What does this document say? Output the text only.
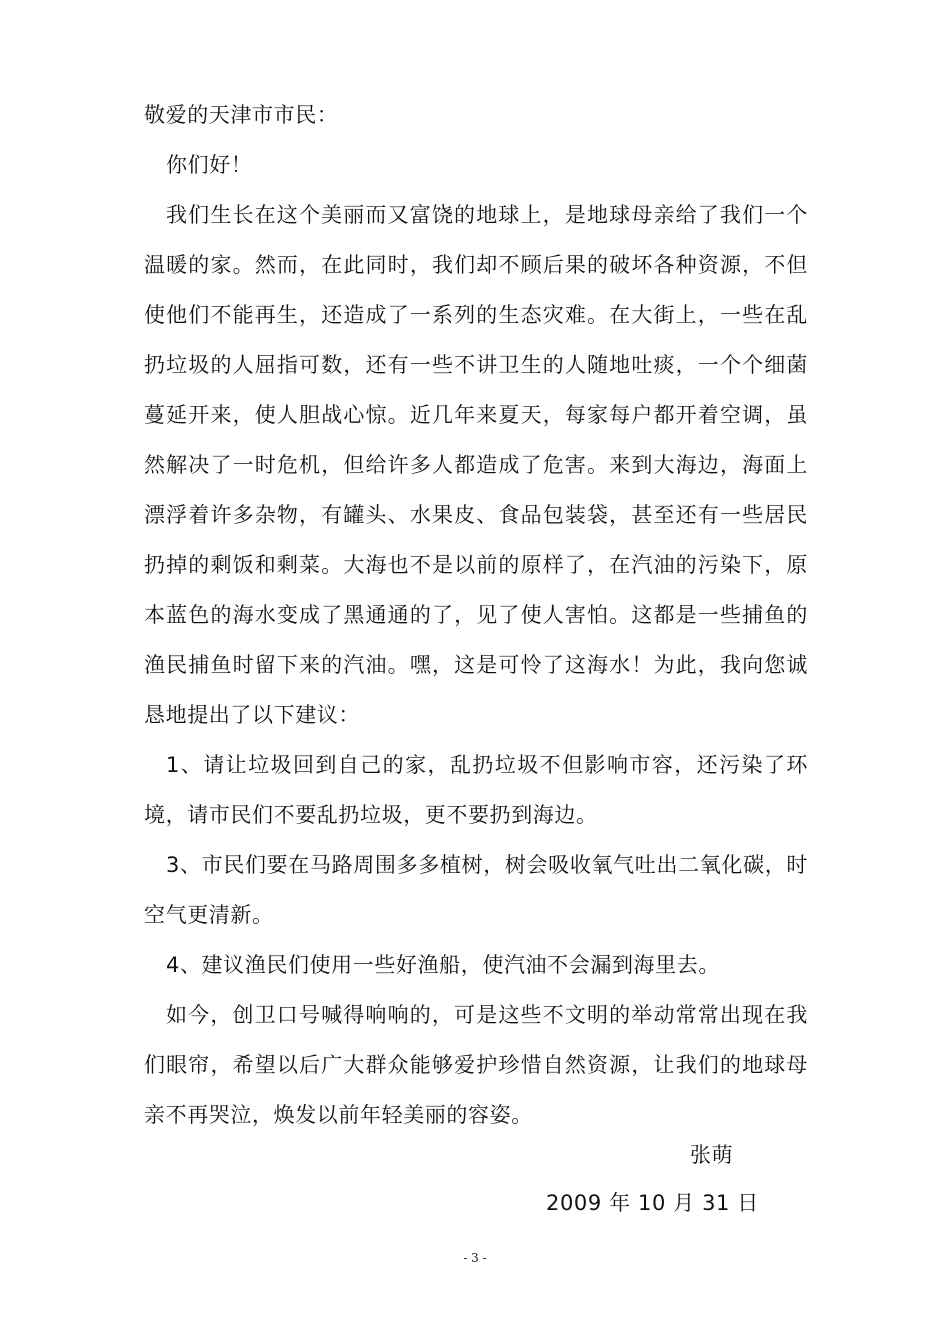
敬爱的天津市市民：

你们好！

我们生长在这个美丽而又富饶的地球上，是地球母亲给了我们一个温暖的家。然而，在此同时，我们却不顾后果的破坏各种资源，不但使他们不能再生，还造成了一系列的生态灾难。在大街上，一些在乱扔垃圾的人屈指可数，还有一些不讲卫生的人随地吐痰，一个个细菌蔓延开来，使人胆战心惊。近几年来夏天，每家每户都开着空调，虽然解决了一时危机，但给许多人都造成了危害。来到大海边，海面上漂浮着许多杂物，有罐头、水果皮、食品包装袋，甚至还有一些居民扔掉的剩饭和剩菜。大海也不是以前的原样了，在汽油的污染下，原本蓝色的海水变成了黑通通的了，见了使人害怕。这都是一些捕鱼的渔民捕鱼时留下来的汽油。嘿，这是可怜了这海水！为此，我向您诚恳地提出了以下建议：

1、请让垃圾回到自己的家，乱扔垃圾不但影响市容，还污染了环境，请市民们不要乱扔垃圾，更不要扔到海边。

3、市民们要在马路周围多多植树，树会吸收氧气吐出二氧化碳，时空气更清新。

4、建议渔民们使用一些好渔船，使汽油不会漏到海里去。

如今，创卫口号喊得响响的，可是这些不文明的举动常常出现在我们眼帘，希望以后广大群众能够爱护珍惜自然资源，让我们的地球母亲不再哭泣，焕发以前年轻美丽的容姿。

张萌
2009 年 10 月 31 日
- 3 -
